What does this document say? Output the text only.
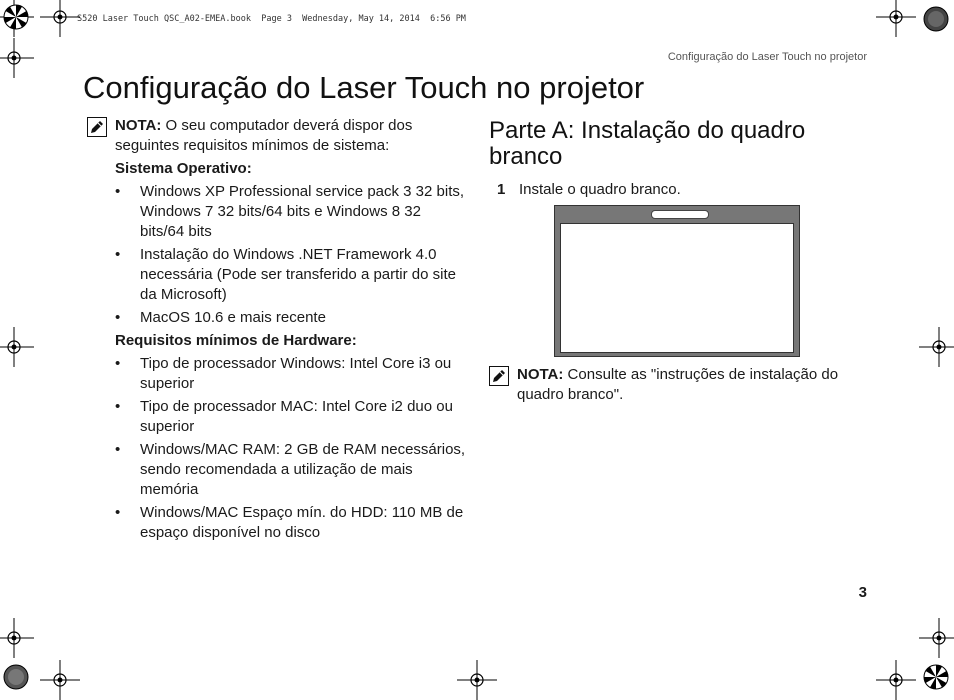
S520 Laser Touch QSC_A02-EMEA.book  Page 3  Wednesday, May 14, 2014  6:56 PM
Configuração do Laser Touch no projetor
Configuração do Laser Touch no projetor
NOTA: O seu computador deverá dispor dos seguintes requisitos mínimos de sistema:
Sistema Operativo:
• Windows XP Professional service pack 3 32 bits, Windows 7 32 bits/64 bits e Windows 8 32 bits/64 bits
• Instalação do Windows .NET Framework 4.0 necessária (Pode ser transferido a partir do site da Microsoft)
• MacOS 10.6 e mais recente
Requisitos mínimos de Hardware:
• Tipo de processador Windows: Intel Core i3 ou superior
• Tipo de processador MAC: Intel Core i2 duo ou superior
• Windows/MAC RAM: 2 GB de RAM necessários, sendo recomendada a utilização de mais memória
• Windows/MAC Espaço mín. do HDD: 110 MB de espaço disponível no disco
Parte A: Instalação do quadro branco
1 Instale o quadro branco.
NOTA: Consulte as "instruções de instalação do quadro branco".
3
